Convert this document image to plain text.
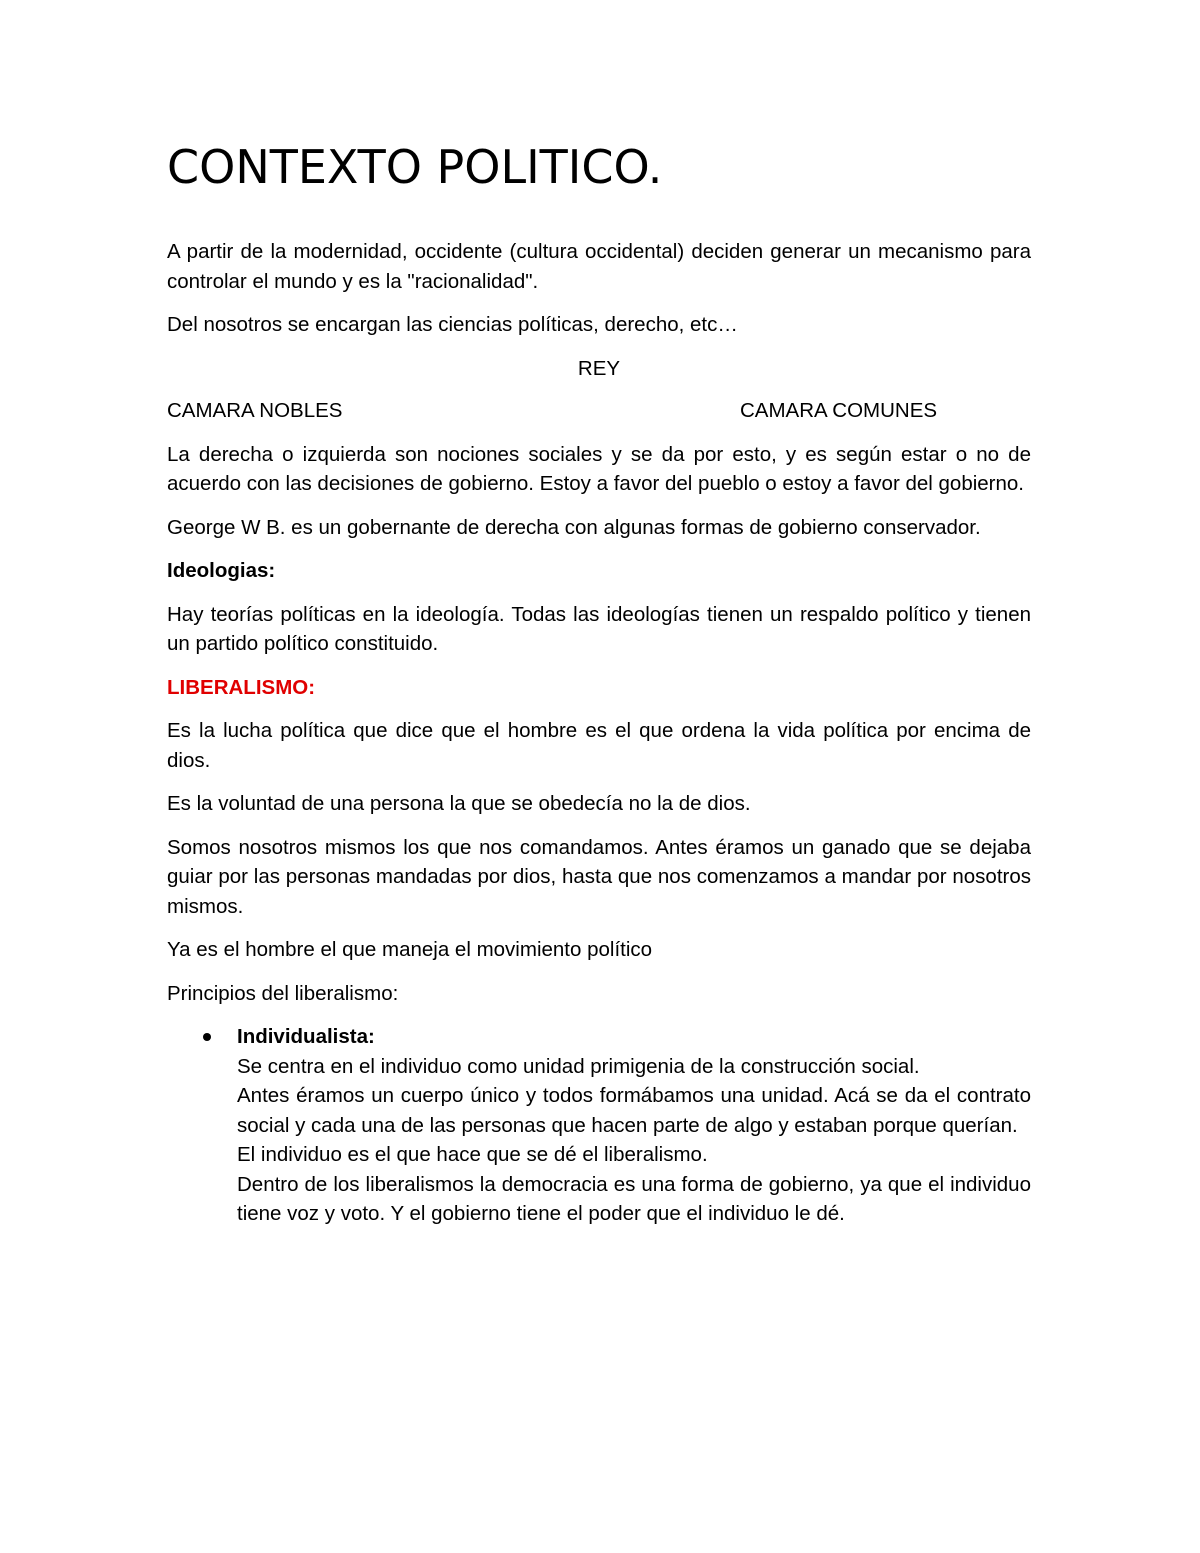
CONTEXTO POLITICO.

A partir de la modernidad, occidente (cultura occidental) deciden generar un mecanismo para controlar el mundo y es la "racionalidad".

Del nosotros se encargan las ciencias políticas, derecho, etc…

REY

CAMARA NOBLES	CAMARA COMUNES

La derecha o izquierda son nociones sociales y se da por esto, y es según estar o no de acuerdo con las decisiones de gobierno. Estoy a favor del pueblo o estoy a favor del gobierno.

George W B. es un gobernante de derecha con algunas formas de gobierno conservador.

Ideologias:

Hay teorías políticas en la ideología. Todas las ideologías tienen un respaldo político y tienen un partido político constituido.

LIBERALISMO:

Es la lucha política que dice que el hombre es el que ordena la vida política por encima de dios.

Es la voluntad de una persona la que se obedecía no la de dios.

Somos nosotros mismos los que nos comandamos. Antes éramos un ganado que se dejaba guiar por las personas mandadas por dios, hasta que nos comenzamos a mandar por nosotros mismos.

Ya es el hombre el que maneja el movimiento político

Principios del liberalismo:

Individualista:
Se centra en el individuo como unidad primigenia de la construcción social.
Antes éramos un cuerpo único y todos formábamos una unidad. Acá se da el contrato social y cada una de las personas que hacen parte de algo y estaban porque querían.
El individuo es el que hace que se dé el liberalismo.
Dentro de los liberalismos la democracia es una forma de gobierno, ya que el individuo tiene voz y voto. Y el gobierno tiene el poder que el individuo le dé.
